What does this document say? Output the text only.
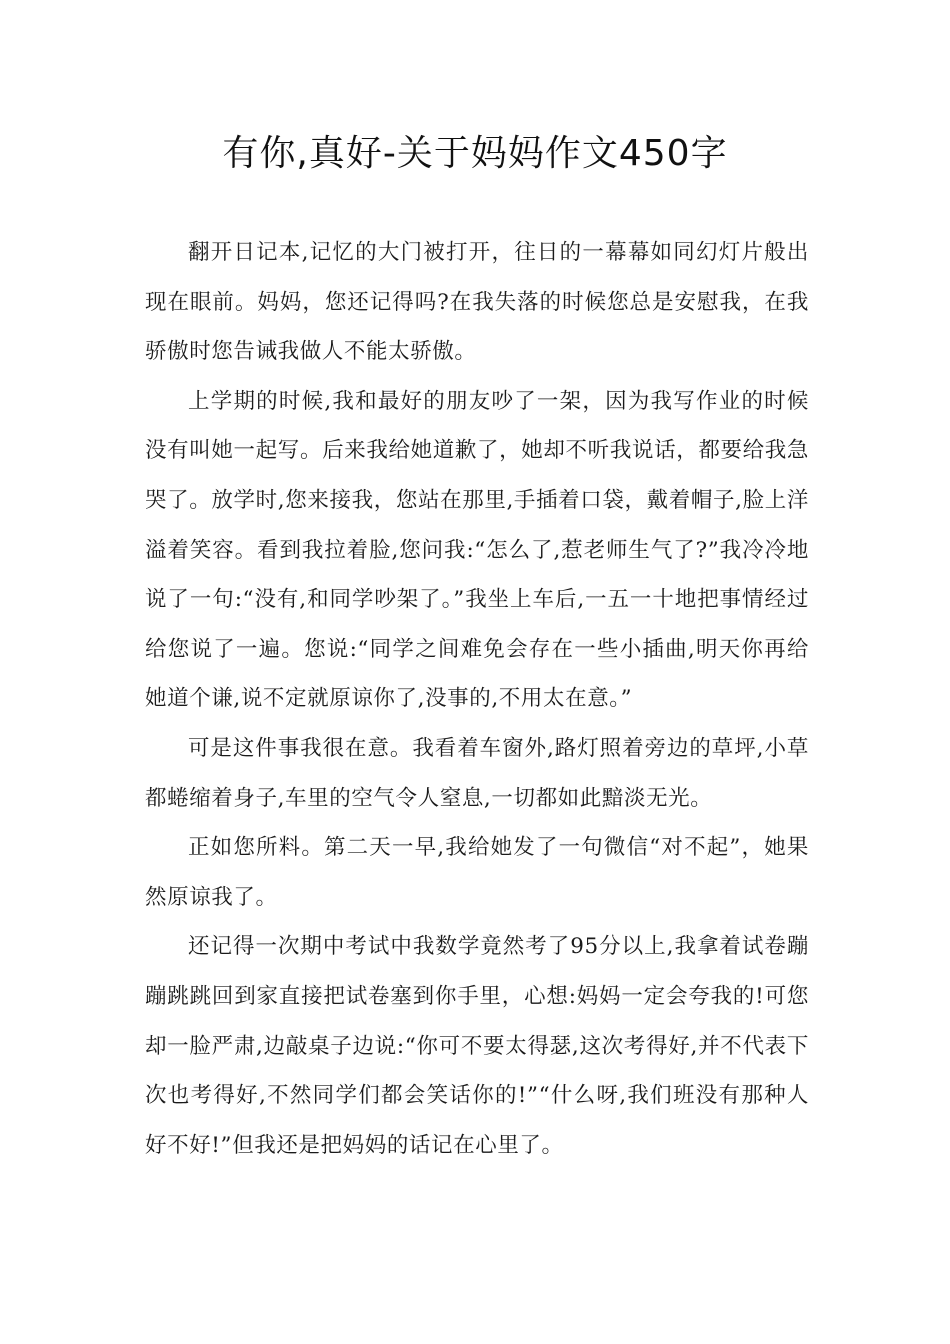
有你,真好-关于妈妈作文450字

翻开日记本,记忆的大门被打开，往日的一幕幕如同幻灯片般出现在眼前。妈妈，您还记得吗?在我失落的时候您总是安慰我，在我骄傲时您告诫我做人不能太骄傲。

上学期的时候,我和最好的朋友吵了一架，因为我写作业的时候没有叫她一起写。后来我给她道歉了，她却不听我说话，都要给我急哭了。放学时,您来接我，您站在那里,手插着口袋，戴着帽子,脸上洋溢着笑容。看到我拉着脸,您问我:“怎么了,惹老师生气了?”我冷冷地说了一句:“没有,和同学吵架了。”我坐上车后,一五一十地把事情经过给您说了一遍。您说:“同学之间难免会存在一些小插曲,明天你再给她道个谦,说不定就原谅你了,没事的,不用太在意。”

可是这件事我很在意。我看着车窗外,路灯照着旁边的草坪,小草都蜷缩着身子,车里的空气令人窒息,一切都如此黯淡无光。

正如您所料。第二天一早,我给她发了一句微信“对不起”，她果然原谅我了。

还记得一次期中考试中我数学竟然考了95分以上,我拿着试卷蹦蹦跳跳回到家直接把试卷塞到你手里，心想:妈妈一定会夸我的!可您却一脸严肃,边敲桌子边说:“你可不要太得瑟,这次考得好,并不代表下次也考得好,不然同学们都会笑话你的!”“什么呀,我们班没有那种人好不好!”但我还是把妈妈的话记在心里了。
